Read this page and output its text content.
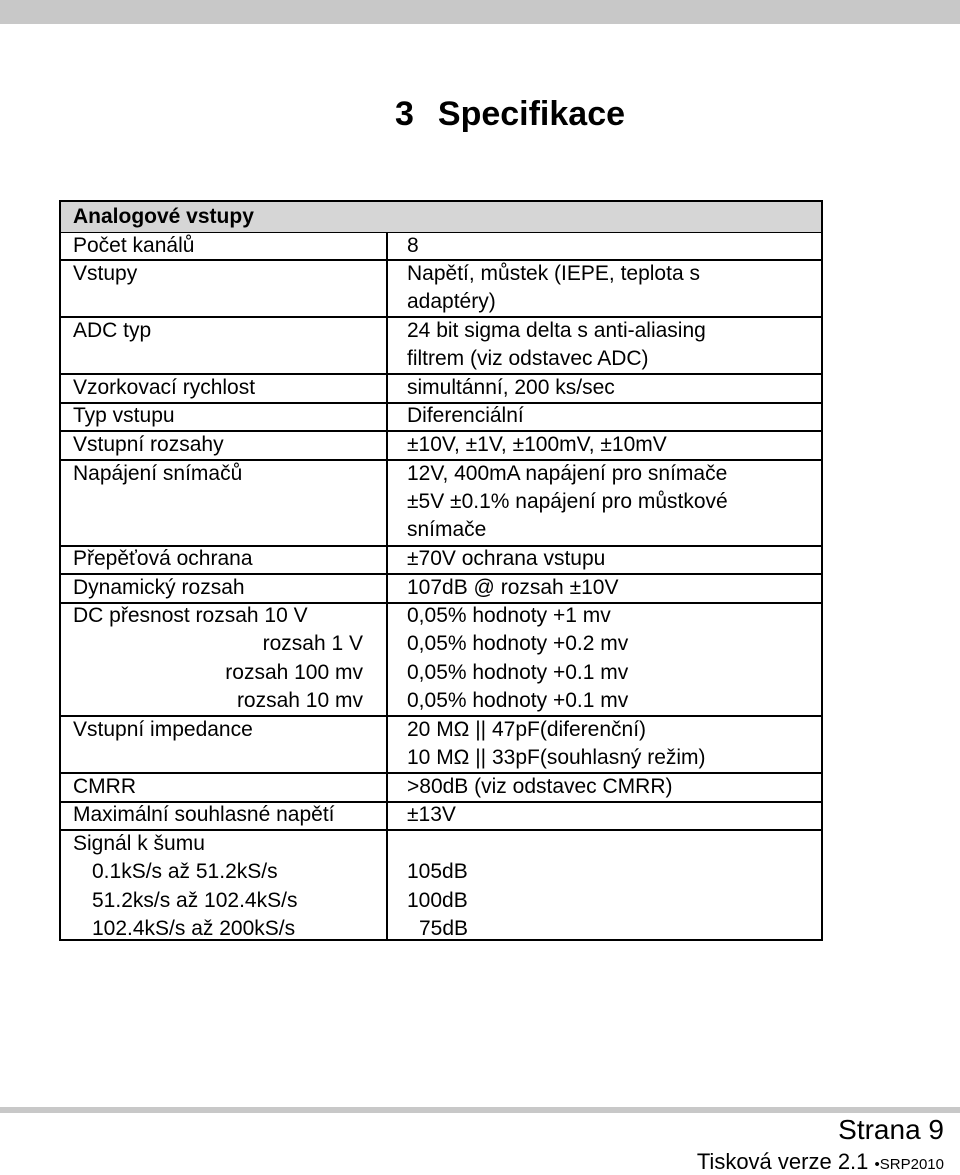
3 Specifikace
Analogové vstupy
Počet kanálů
Vstupy
ADC typ
Vzorkovací rychlost
Typ vstupu
Vstupní rozsahy
Napájení snímačů
Přepěťová ochrana
Dynamický rozsah
DC přesnost rozsah 10 V
rozsah 1 V
rozsah 100 mv
rozsah 10 mv
Vstupní impedance
CMRR
Maximální souhlasné napětí
Signál k šumu
0.1kS/s až 51.2kS/s
51.2ks/s až 102.4kS/s
102.4kS/s až 200kS/s
8
Napětí, můstek (IEPE, teplota s
adaptéry)
24 bit sigma delta s anti-aliasing
filtrem (viz odstavec ADC)
simultánní, 200 ks/sec
Diferenciální
±10V, ±1V, ±100mV, ±10mV
12V, 400mA napájení pro snímače
±5V ±0.1% napájení pro můstkové
snímače
±70V ochrana vstupu
107dB @ rozsah ±10V
0,05% hodnoty +1 mv
0,05% hodnoty +0.2 mv
0,05% hodnoty +0.1 mv
0,05% hodnoty +0.1 mv
20 MΩ || 47pF(diferenční)
10 MΩ || 33pF(souhlasný režim)
>80dB (viz odstavec CMRR)
±13V
105dB
100dB
75dB
Strana 9
Tisková verze 2.1 •SRP2010
